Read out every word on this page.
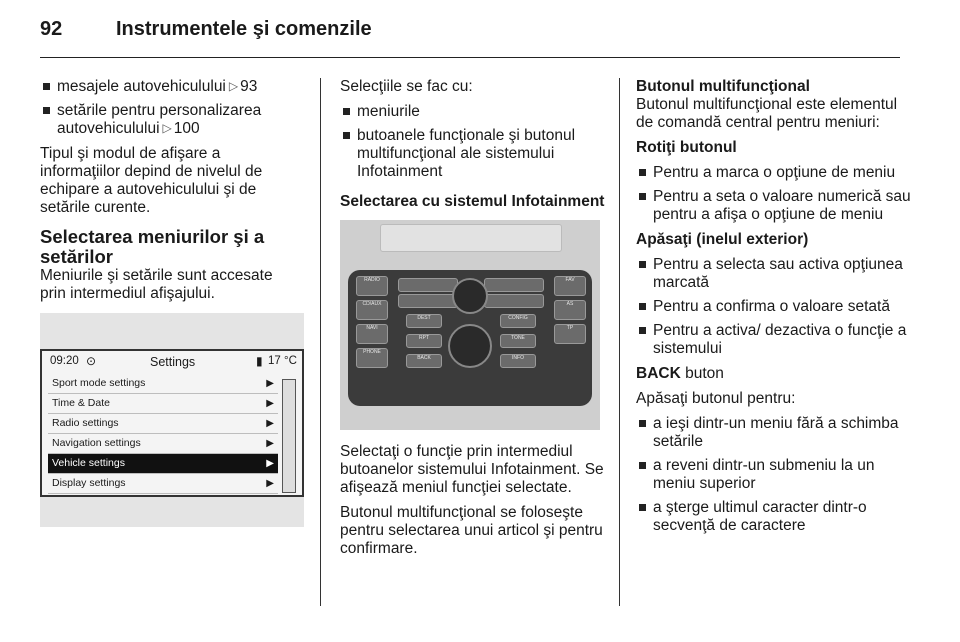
92	Instrumentele şi comenzile
mesajele autovehiculului ▷ 93
setările pentru personalizarea autovehiculului ▷ 100

Tipul şi modul de afişare a informaţiilor depind de nivelul de echipare a autovehiculului şi de setările curente.

Selectarea meniurilor şi a setărilor

Meniurile şi setările sunt accesate prin intermediul afişajului.

09:20 ⊙	Settings	▮ 17 °C
Sport mode settings	▶
Time & Date	▶
Radio settings	▶
Navigation settings	▶
Vehicle settings	▶
Display settings	▶

Selecţiile se fac cu:

meniurile
butoanele funcţionale şi butonul multifuncţional ale sistemului Infotainment

Selectarea cu sistemul Infotainment

RADIO
CD/AUX
NAVI
PHONE
FAV
AS
TP
BACK	INFO
DEST	CONFIG
RPT	TONE

Selectaţi o funcţie prin intermediul butoanelor sistemului Infotainment. Se afişează meniul funcţiei selectate.

Butonul multifuncţional se foloseşte pentru selectarea unui articol şi pentru confirmare.

Butonul multifuncţional

Butonul multifuncţional este elementul de comandă central pentru meniuri:

Rotiţi butonul

Pentru a marca o opţiune de meniu
Pentru a seta o valoare numerică sau pentru a afişa o opţiune de meniu

Apăsaţi (inelul exterior)

Pentru a selecta sau activa opţiunea marcată
Pentru a confirma o valoare setată
Pentru a activa/ dezactiva o funcţie a sistemului

BACK buton

Apăsaţi butonul pentru:

a ieşi dintr-un meniu fără a schimba setările
a reveni dintr-un submeniu la un meniu superior
a şterge ultimul caracter dintr-o secvenţă de caractere
